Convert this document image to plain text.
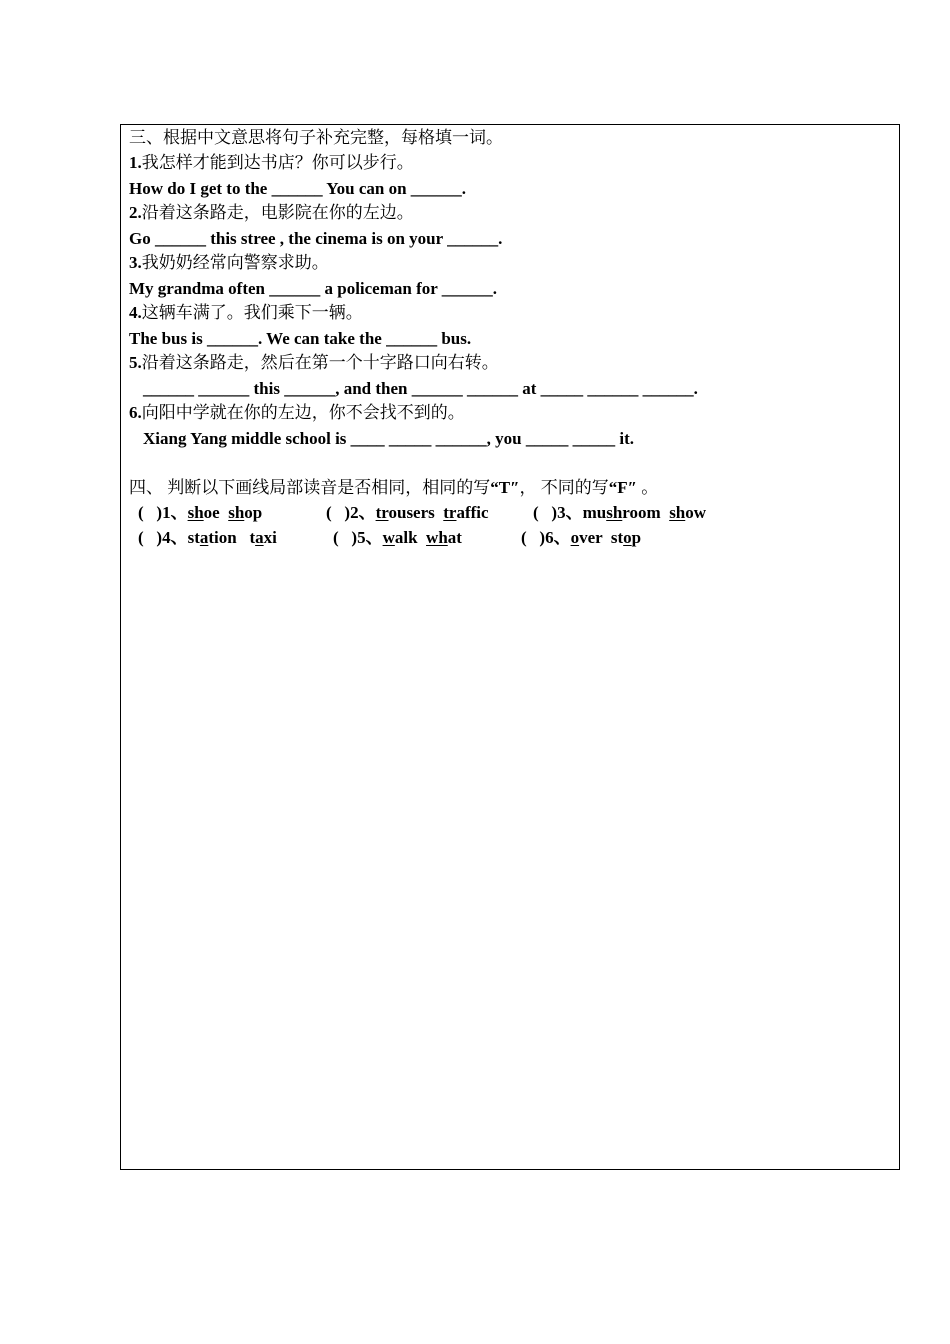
三、根据中文意思将句子补充完整，每格填一词。
1.我怎样才能到达书店？你可以步行。
How do I get to the ______ You can on ______.
2.沿着这条路走，电影院在你的左边。
Go ______ this stree , the cinema is on your ______.
3.我奶奶经常向警察求助。
My grandma often ______ a policeman for ______.
4.这辆车满了。我们乘下一辆。
The bus is ______. We can take the ______ bus.
5.沿着这条路走，然后在第一个十字路口向右转。
______ ______ this ______, and then ______ ______ at _____ ______ ______.
6.向阳中学就在你的左边，你不会找不到的。
Xiang Yang middle school is ____ _____ ______, you _____ _____ it.
四、 判断以下画线局部读音是否相同，相同的写“T″， 不同的写“F″ 。
(   )1、shoe shop	(   )2、trousers traffic	(   )3、mushroom show
(   )4、station taxi	(   )5、walk what	(   )6、over stop
